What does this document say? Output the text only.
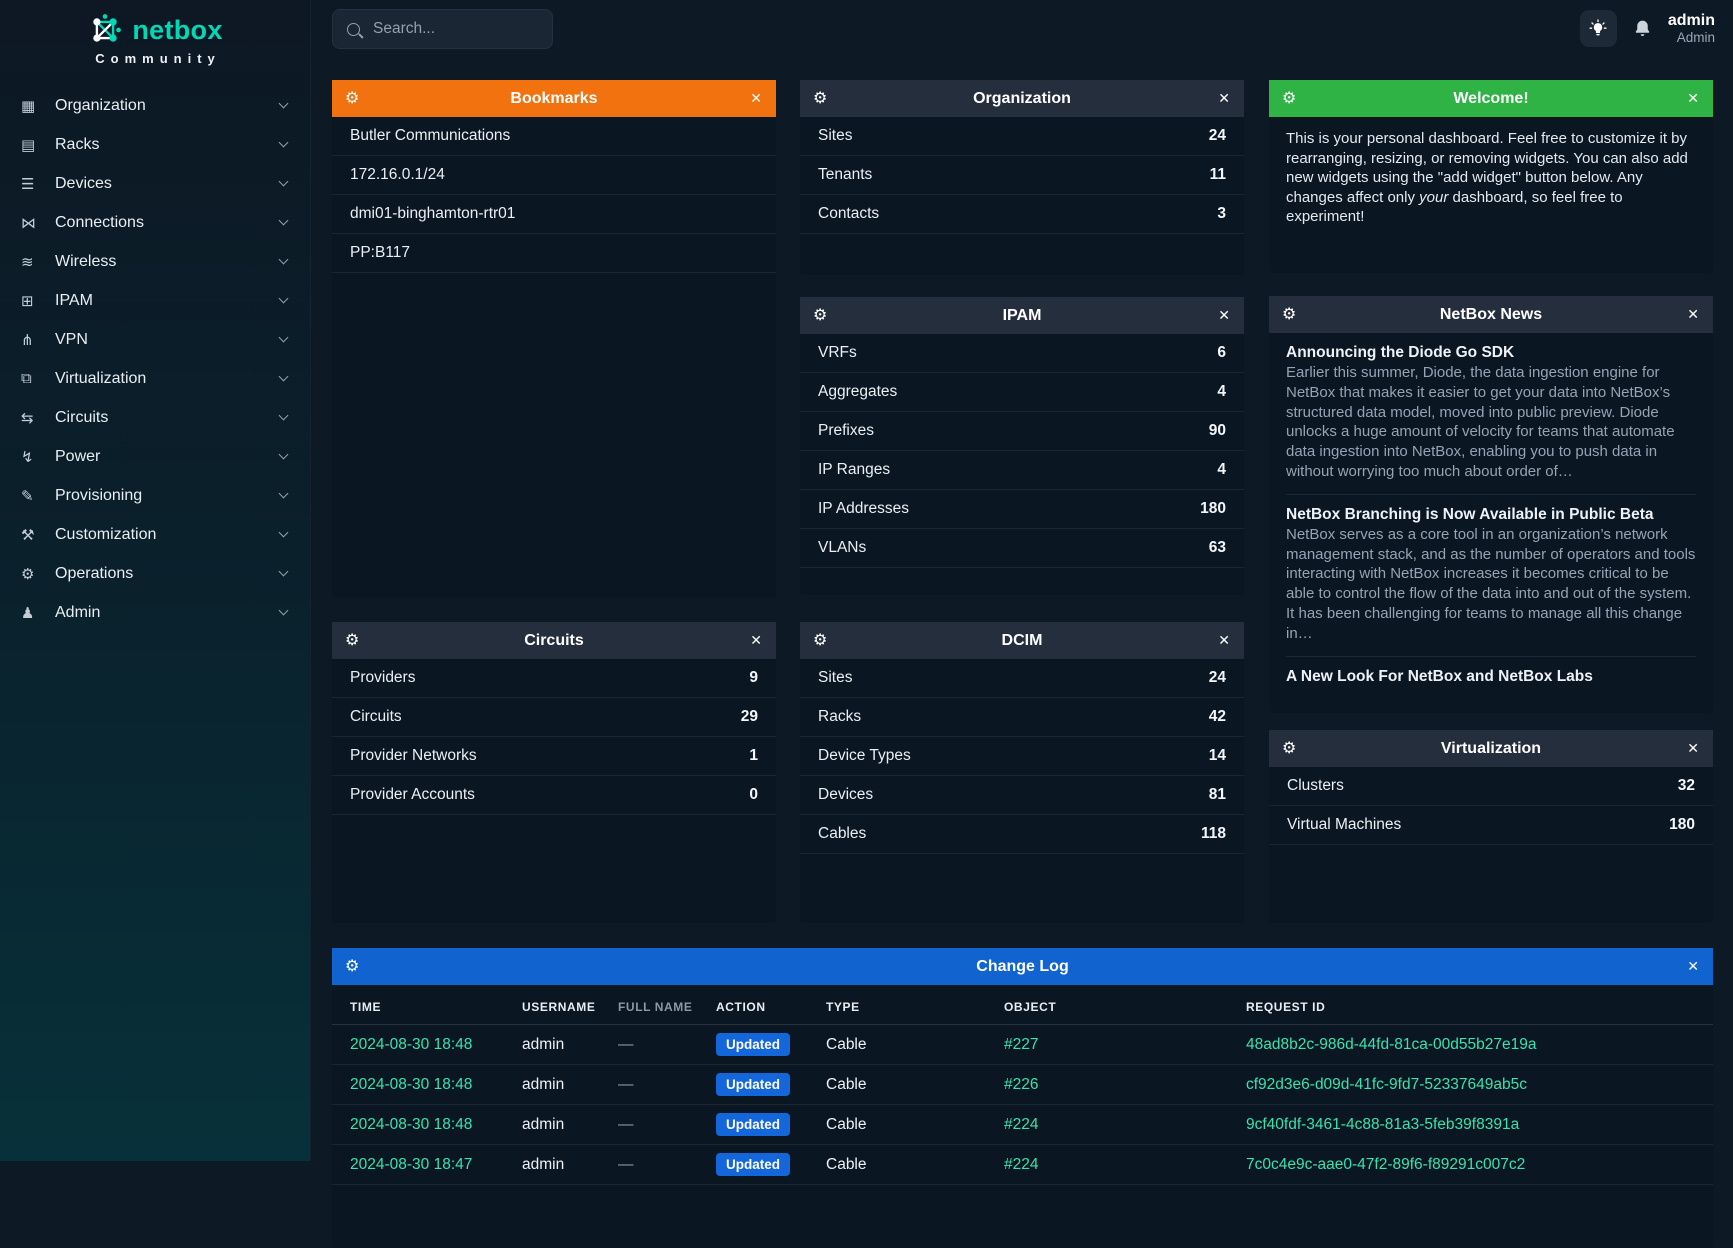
netbox
Community
▦	Organization
▤	Racks
☰	Devices
⋈	Connections
≋	Wireless
⊞	IPAM
⋔	VPN
⧉	Virtualization
⇆	Circuits
↯	Power
✎	Provisioning
⚒	Customization
⚙	Operations
♟	Admin
Search...
admin
Admin
⚙	Bookmarks	✕
Butler Communications
172.16.0.1/24
dmi01-binghamton-rtr01
PP:B117
⚙	Organization	✕
Sites	24
Tenants	11
Contacts	3
⚙	Welcome!	✕
This is your personal dashboard. Feel free to customize it by rearranging, resizing, or removing widgets. You can also add new widgets using the "add widget" button below. Any changes affect only your dashboard, so feel free to experiment!
⚙	IPAM	✕
VRFs	6
Aggregates	4
Prefixes	90
IP Ranges	4
IP Addresses	180
VLANs	63
⚙	NetBox News	✕
Announcing the Diode Go SDK
Earlier this summer, Diode, the data ingestion engine for NetBox that makes it easier to get your data into NetBox’s structured data model, moved into public preview. Diode unlocks a huge amount of velocity for teams that automate data ingestion into NetBox, enabling you to push data in without worrying too much about order of…
NetBox Branching is Now Available in Public Beta
NetBox serves as a core tool in an organization’s network management stack, and as the number of operators and tools interacting with NetBox increases it becomes critical to be able to control the flow of the data into and out of the system. It has been challenging for teams to manage all this change in…
A New Look For NetBox and NetBox Labs
⚙	Circuits	✕
Providers	9
Circuits	29
Provider Networks	1
Provider Accounts	0
⚙	DCIM	✕
Sites	24
Racks	42
Device Types	14
Devices	81
Cables	118
⚙	Virtualization	✕
Clusters	32
Virtual Machines	180
⚙	Change Log	✕
TIME	USERNAME	FULL NAME	ACTION	TYPE	OBJECT	REQUEST ID
2024-08-30 18:48	admin	—	Updated	Cable	#227	48ad8b2c-986d-44fd-81ca-00d55b27e19a
2024-08-30 18:48	admin	—	Updated	Cable	#226	cf92d3e6-d09d-41fc-9fd7-52337649ab5c
2024-08-30 18:48	admin	—	Updated	Cable	#224	9cf40fdf-3461-4c88-81a3-5feb39f8391a
2024-08-30 18:47	admin	—	Updated	Cable	#224	7c0c4e9c-aae0-47f2-89f6-f89291c007c2
